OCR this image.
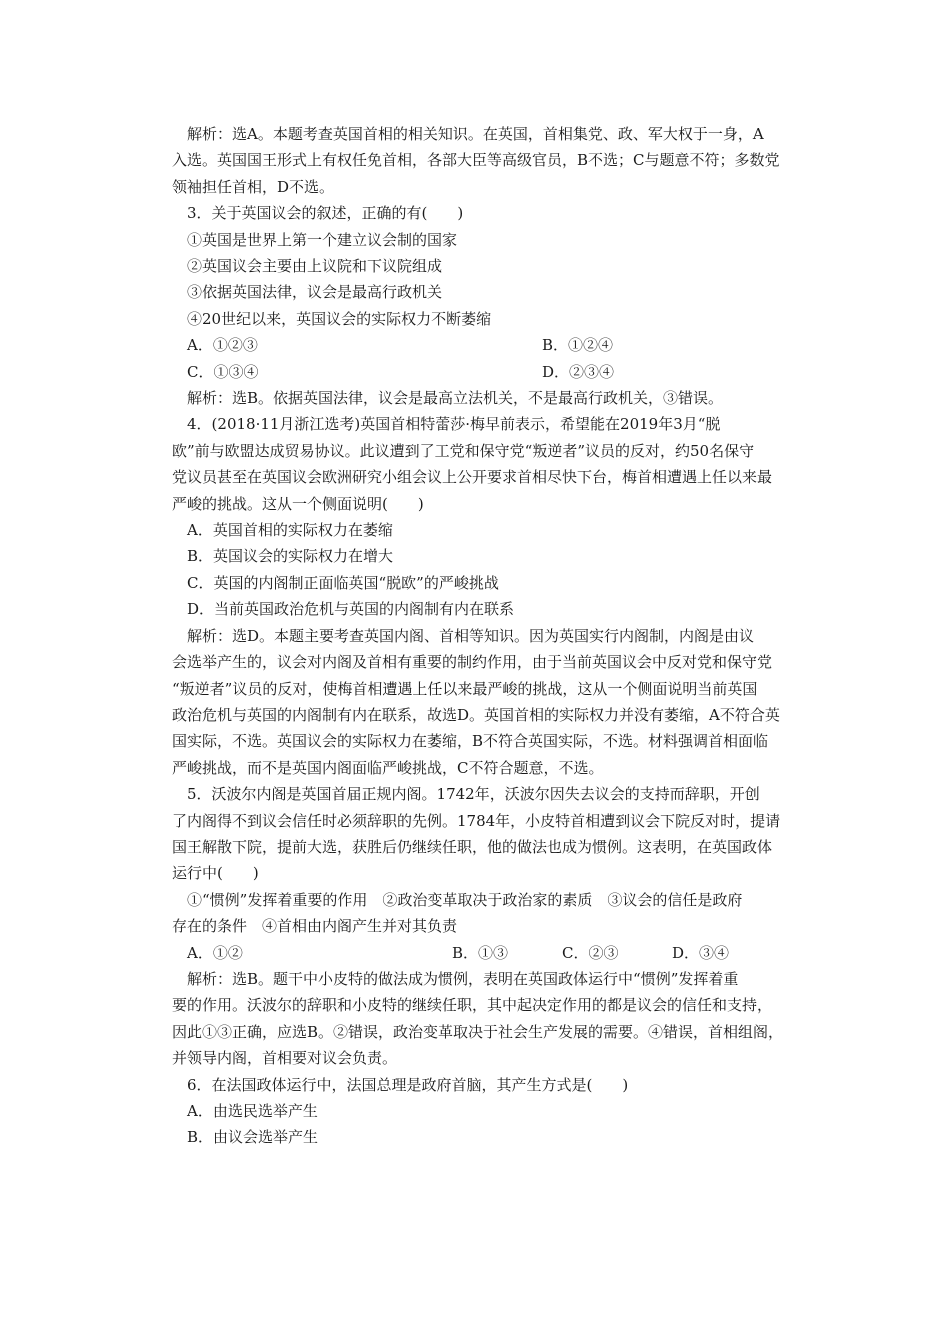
解析：选A。本题考查英国首相的相关知识。在英国，首相集党、政、军大权于一身，A

入选。英国国王形式上有权任免首相，各部大臣等高级官员，B不选；C与题意不符；多数党

领袖担任首相，D不选。

3．关于英国议会的叙述，正确的有(　　)

①英国是世界上第一个建立议会制的国家

②英国议会主要由上议院和下议院组成

③依据英国法律，议会是最高行政机关

④20世纪以来，英国议会的实际权力不断萎缩

A．①②③	B．①②④
C．①③④	D．②③④

解析：选B。依据英国法律，议会是最高立法机关，不是最高行政机关，③错误。

4．(2018·11月浙江选考)英国首相特蕾莎·梅早前表示，希望能在2019年3月“脱

欧”前与欧盟达成贸易协议。此议遭到了工党和保守党“叛逆者”议员的反对，约50名保守

党议员甚至在英国议会欧洲研究小组会议上公开要求首相尽快下台，梅首相遭遇上任以来最

严峻的挑战。这从一个侧面说明(　　)

A．英国首相的实际权力在萎缩

B．英国议会的实际权力在增大

C．英国的内阁制正面临英国“脱欧”的严峻挑战

D．当前英国政治危机与英国的内阁制有内在联系

解析：选D。本题主要考查英国内阁、首相等知识。因为英国实行内阁制，内阁是由议

会选举产生的，议会对内阁及首相有重要的制约作用，由于当前英国议会中反对党和保守党

“叛逆者”议员的反对，使梅首相遭遇上任以来最严峻的挑战，这从一个侧面说明当前英国

政治危机与英国的内阁制有内在联系，故选D。英国首相的实际权力并没有萎缩，A不符合英

国实际，不选。英国议会的实际权力在萎缩，B不符合英国实际，不选。材料强调首相面临

严峻挑战，而不是英国内阁面临严峻挑战，C不符合题意，不选。

5．沃波尔内阁是英国首届正规内阁。1742年，沃波尔因失去议会的支持而辞职，开创

了内阁得不到议会信任时必须辞职的先例。1784年，小皮特首相遭到议会下院反对时，提请

国王解散下院，提前大选，获胜后仍继续任职，他的做法也成为惯例。这表明，在英国政体

运行中(　　)

①“惯例”发挥着重要的作用　②政治变革取决于政治家的素质　③议会的信任是政府

存在的条件　④首相由内阁产生并对其负责

A．①②	B．①③	C．②③	D．③④

解析：选B。题干中小皮特的做法成为惯例，表明在英国政体运行中“惯例”发挥着重

要的作用。沃波尔的辞职和小皮特的继续任职，其中起决定作用的都是议会的信任和支持，

因此①③正确，应选B。②错误，政治变革取决于社会生产发展的需要。④错误，首相组阁，

并领导内阁，首相要对议会负责。

6．在法国政体运行中，法国总理是政府首脑，其产生方式是(　　)

A．由选民选举产生

B．由议会选举产生
